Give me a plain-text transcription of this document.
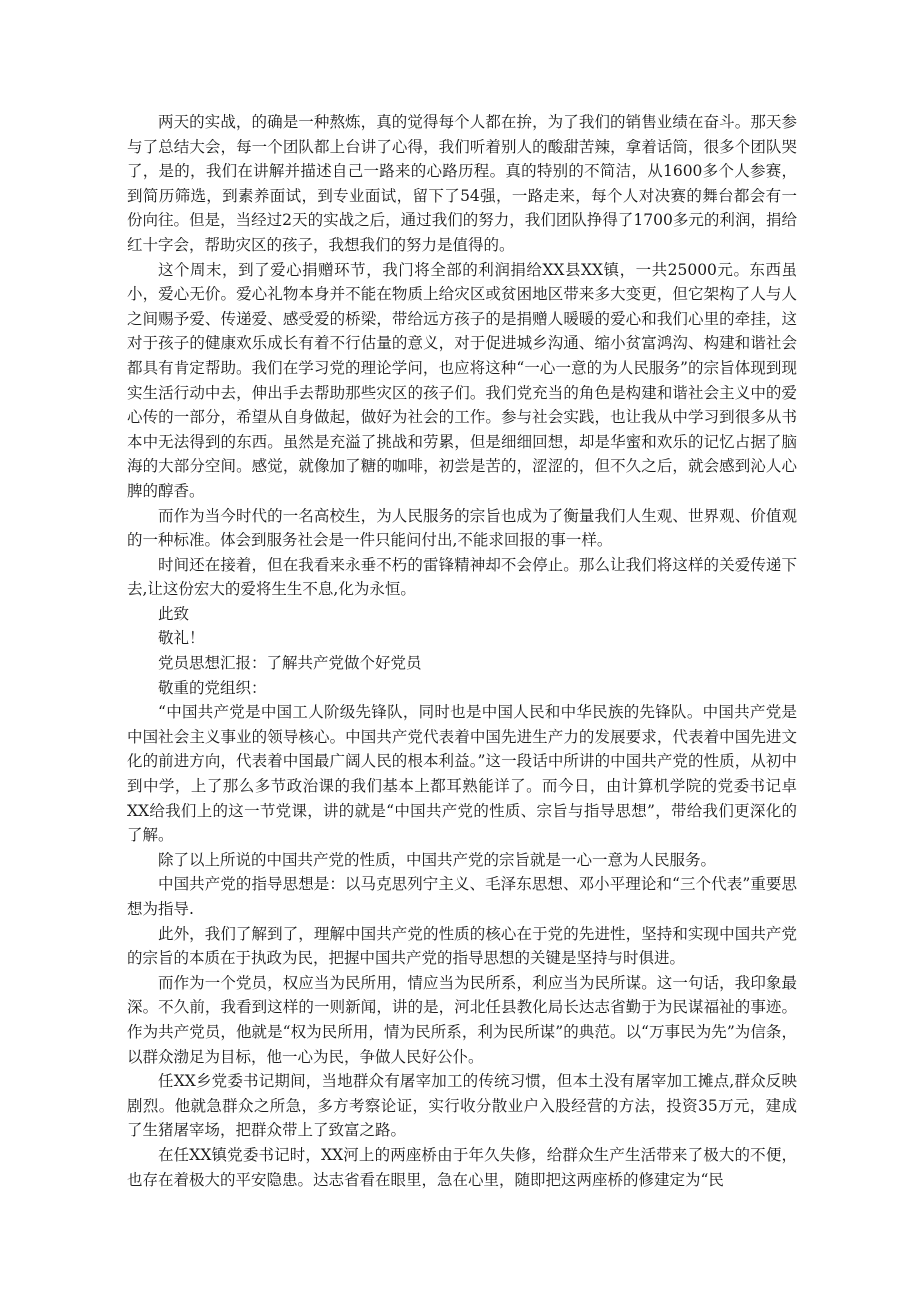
两天的实战，的确是一种熬炼，真的觉得每个人都在拚，为了我们的销售业绩在奋斗。那天参与了总结大会，每一个团队都上台讲了心得，我们听着别人的酸甜苦辣，拿着话筒，很多个团队哭了，是的，我们在讲解并描述自己一路来的心路历程。真的特别的不简洁，从1600多个人参赛，到简历筛选，到素养面试，到专业面试，留下了54强，一路走来，每个人对决赛的舞台都会有一份向往。但是，当经过2天的实战之后，通过我们的努力，我们团队挣得了1700多元的利润，捐给红十字会，帮助灾区的孩子，我想我们的努力是值得的。

这个周末，到了爱心捐赠环节，我门将全部的利润捐给XX县XX镇，一共25000元。东西虽小，爱心无价。爱心礼物本身并不能在物质上给灾区或贫困地区带来多大变更，但它架构了人与人之间赐予爱、传递爱、感受爱的桥梁，带给远方孩子的是捐赠人暖暖的爱心和我们心里的牵挂，这对于孩子的健康欢乐成长有着不行估量的意义，对于促进城乡沟通、缩小贫富鸿沟、构建和谐社会都具有肯定帮助。我们在学习党的理论学问，也应将这种“一心一意的为人民服务”的宗旨体现到现实生活行动中去，伸出手去帮助那些灾区的孩子们。我们党充当的角色是构建和谐社会主义中的爱心传的一部分，希望从自身做起，做好为社会的工作。参与社会实践，也让我从中学习到很多从书本中无法得到的东西。虽然是充溢了挑战和劳累，但是细细回想，却是华蜜和欢乐的记忆占据了脑海的大部分空间。感觉，就像加了糖的咖啡，初尝是苦的，涩涩的，但不久之后，就会感到沁人心脾的醇香。

而作为当今时代的一名高校生，为人民服务的宗旨也成为了衡量我们人生观、世界观、价值观的一种标准。体会到服务社会是一件只能问付出,不能求回报的事一样。

时间还在接着，但在我看来永垂不朽的雷锋精神却不会停止。那么让我们将这样的关爱传递下去,让这份宏大的爱将生生不息,化为永恒。

此致

敬礼！

党员思想汇报：了解共产党做个好党员

敬重的党组织：

“中国共产党是中国工人阶级先锋队，同时也是中国人民和中华民族的先锋队。中国共产党是中国社会主义事业的领导核心。中国共产党代表着中国先进生产力的发展要求，代表着中国先进文化的前进方向，代表着中国最广阔人民的根本利益。”这一段话中所讲的中国共产党的性质，从初中到中学，上了那么多节政治课的我们基本上都耳熟能详了。而今日，由计算机学院的党委书记卓XX给我们上的这一节党课，讲的就是“中国共产党的性质、宗旨与指导思想”，带给我们更深化的了解。

除了以上所说的中国共产党的性质，中国共产党的宗旨就是一心一意为人民服务。

中国共产党的指导思想是：以马克思列宁主义、毛泽东思想、邓小平理论和“三个代表”重要思想为指导.

此外，我们了解到了，理解中国共产党的性质的核心在于党的先进性，坚持和实现中国共产党的宗旨的本质在于执政为民，把握中国共产党的指导思想的关键是坚持与时俱进。

而作为一个党员，权应当为民所用，情应当为民所系，利应当为民所谋。这一句话，我印象最深。不久前，我看到这样的一则新闻，讲的是，河北任县教化局长达志省勤于为民谋福祉的事迹。作为共产党员，他就是“权为民所用，情为民所系，利为民所谋”的典范。以“万事民为先”为信条，以群众渤足为目标，他一心为民，争做人民好公仆。

任XX乡党委书记期间，当地群众有屠宰加工的传统习惯，但本土没有屠宰加工摊点,群众反映剧烈。他就急群众之所急，多方考察论证，实行收分散业户入股经营的方法，投资35万元，建成了生猪屠宰场，把群众带上了致富之路。

在任XX镇党委书记时，XX河上的两座桥由于年久失修，给群众生产生活带来了极大的不便，也存在着极大的平安隐患。达志省看在眼里，急在心里，随即把这两座桥的修建定为“民
